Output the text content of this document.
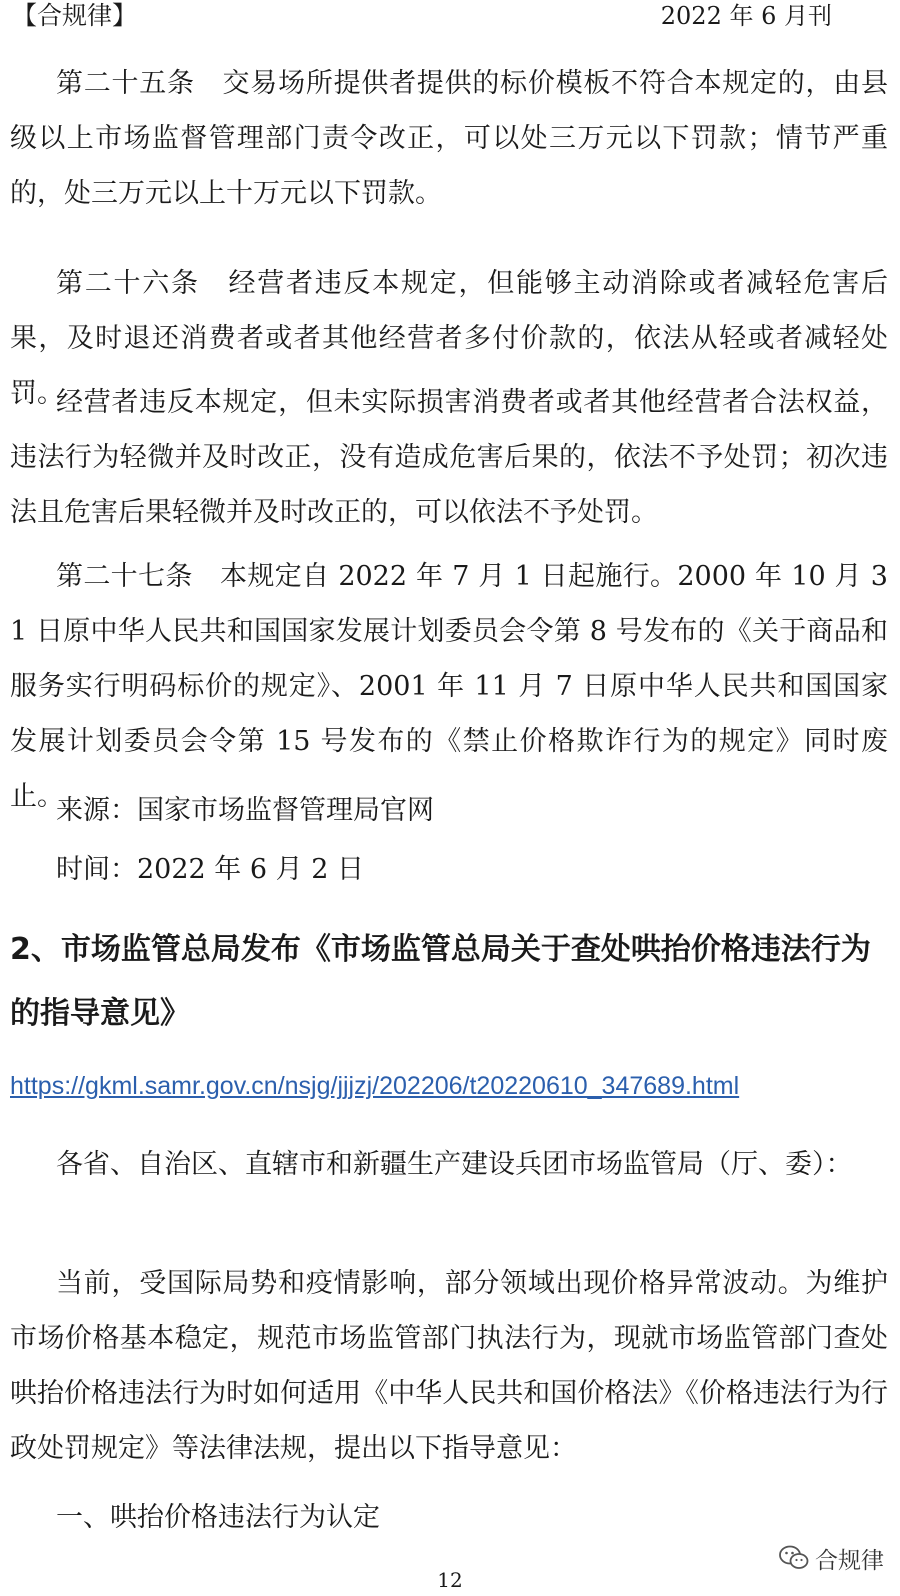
【合规律】	2022 年 6 月刊

第二十五条　交易场所提供者提供的标价模板不符合本规定的，由县级以上市场监督管理部门责令改正，可以处三万元以下罚款；情节严重的，处三万元以上十万元以下罚款。

第二十六条　经营者违反本规定，但能够主动消除或者减轻危害后果，及时退还消费者或者其他经营者多付价款的，依法从轻或者减轻处罚。

经营者违反本规定，但未实际损害消费者或者其他经营者合法权益，违法行为轻微并及时改正，没有造成危害后果的，依法不予处罚；初次违法且危害后果轻微并及时改正的，可以依法不予处罚。

第二十七条　本规定自 2022 年 7 月 1 日起施行。2000 年 10 月 31 日原中华人民共和国国家发展计划委员会令第 8 号发布的《关于商品和服务实行明码标价的规定》、2001 年 11 月 7 日原中华人民共和国国家发展计划委员会令第 15 号发布的《禁止价格欺诈行为的规定》同时废止。

来源：国家市场监督管理局官网

时间：2022 年 6 月 2 日

2、市场监管总局发布《市场监管总局关于查处哄抬价格违法行为的指导意见》
https://gkml.samr.gov.cn/nsjg/jjjzj/202206/t20220610_347689.html

各省、自治区、直辖市和新疆生产建设兵团市场监管局（厅、委）：

当前，受国际局势和疫情影响，部分领域出现价格异常波动。为维护市场价格基本稳定，规范市场监管部门执法行为，现就市场监管部门查处哄抬价格违法行为时如何适用《中华人民共和国价格法》《价格违法行为行政处罚规定》等法律法规，提出以下指导意见：

一、哄抬价格违法行为认定

合规律
12
